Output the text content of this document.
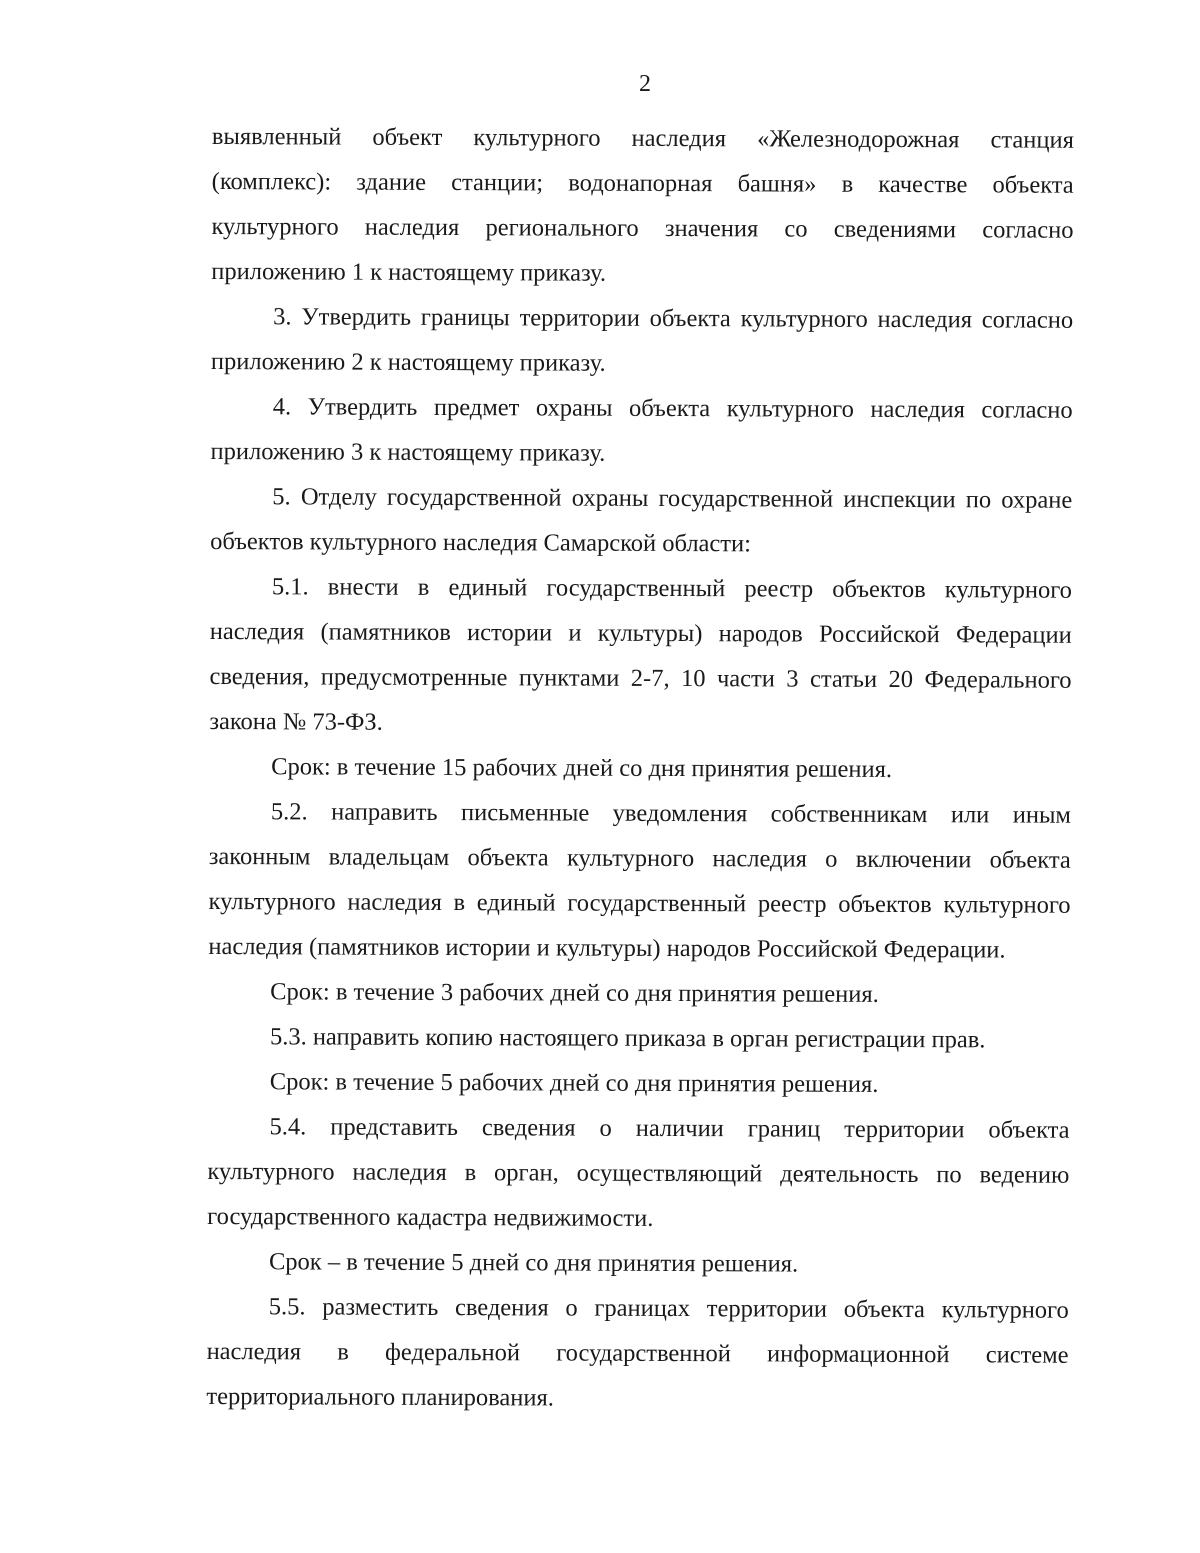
2

выявленный объект культурного наследия «Железнодорожная станция (комплекс): здание станции; водонапорная башня» в качестве объекта культурного наследия регионального значения со сведениями согласно приложению 1 к настоящему приказу.

3. Утвердить границы территории объекта культурного наследия согласно приложению 2 к настоящему приказу.

4. Утвердить предмет охраны объекта культурного наследия согласно приложению 3 к настоящему приказу.

5. Отделу государственной охраны государственной инспекции по охране объектов культурного наследия Самарской области:

5.1. внести в единый государственный реестр объектов культурного наследия (памятников истории и культуры) народов Российской Федерации сведения, предусмотренные пунктами 2-7, 10 части 3 статьи 20 Федерального закона № 73-ФЗ.

Срок: в течение 15 рабочих дней со дня принятия решения.

5.2. направить письменные уведомления собственникам или иным законным владельцам объекта культурного наследия о включении объекта культурного наследия в единый государственный реестр объектов культурного наследия (памятников истории и культуры) народов Российской Федерации.

Срок: в течение 3 рабочих дней со дня принятия решения.

5.3. направить копию настоящего приказа в орган регистрации прав.

Срок: в течение 5 рабочих дней со дня принятия решения.

5.4. представить сведения о наличии границ территории объекта культурного наследия в орган, осуществляющий деятельность по ведению государственного кадастра недвижимости.

Срок – в течение 5 дней со дня принятия решения.

5.5. разместить сведения о границах территории объекта культурного наследия в федеральной государственной информационной системе территориального планирования.
